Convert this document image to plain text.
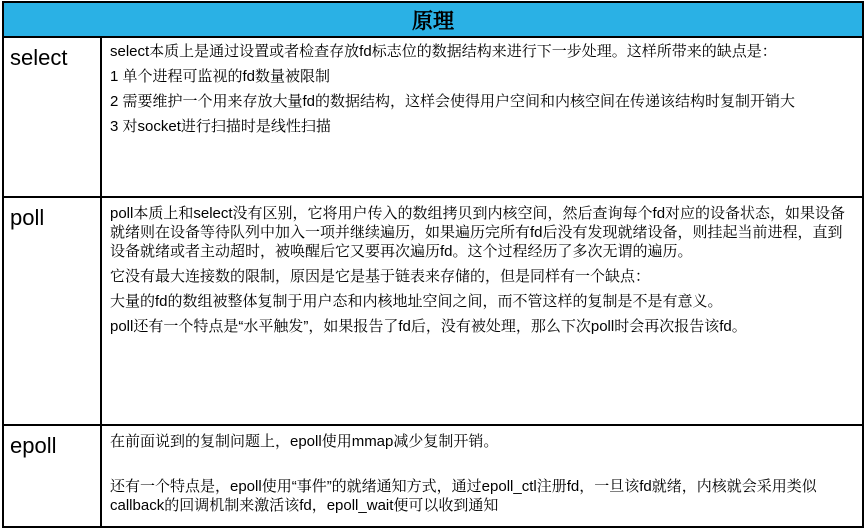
原理
select	select本质上是通过设置或者检查存放fd标志位的数据结构来进行下一步处理。这样所带来的缺点是：

1 单个进程可监视的fd数量被限制

2 需要维护一个用来存放大量fd的数据结构，这样会使得用户空间和内核空间在传递该结构时复制开销大

3 对socket进行扫描时是线性扫描

poll	poll本质上和select没有区别，它将用户传入的数组拷贝到内核空间，然后查询每个fd对应的设备状态，如果设备就绪则在设备等待队列中加入一项并继续遍历，如果遍历完所有fd后没有发现就绪设备，则挂起当前进程，直到设备就绪或者主动超时，被唤醒后它又要再次遍历fd。这个过程经历了多次无谓的遍历。

它没有最大连接数的限制，原因是它是基于链表来存储的，但是同样有一个缺点：

大量的fd的数组被整体复制于用户态和内核地址空间之间，而不管这样的复制是不是有意义。

poll还有一个特点是“水平触发”，如果报告了fd后，没有被处理，那么下次poll时会再次报告该fd。

epoll	在前面说到的复制问题上，epoll使用mmap减少复制开销。

还有一个特点是，epoll使用“事件”的就绪通知方式，通过epoll_ctl注册fd，一旦该fd就绪，内核就会采用类似callback的回调机制来激活该fd，epoll_wait便可以收到通知
